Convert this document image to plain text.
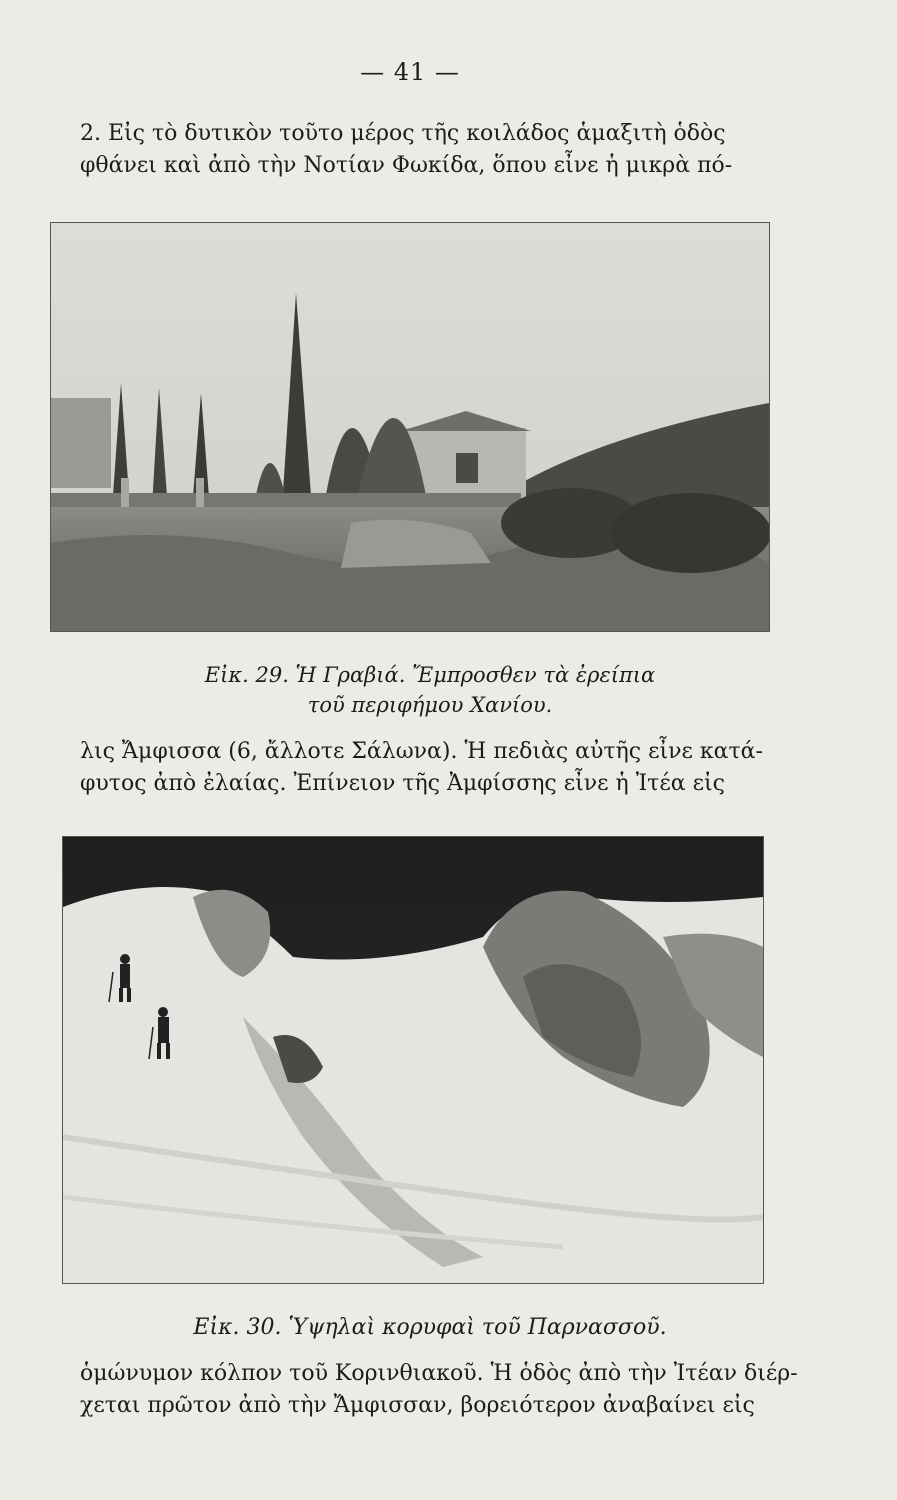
— 41 —
2. Εἰς τὸ δυτικὸν τοῦτο μέρος τῆς κοιλάδος ἁμαξιτὴ ὁδὸς
φθάνει καὶ ἀπὸ τὴν Νοτίαν Φωκίδα, ὅπου εἶνε ἡ μικρὰ πό-
Εἰκ. 29. Ἡ Γραβιά. Ἔμπροσθεν τὰ ἐρείπια
τοῦ περιφήμου Χανίου.
λις Ἄμφισσα (6, ἄλλοτε Σάλωνα). Ἡ πεδιὰς αὐτῆς εἶνε κατά-
φυτος ἀπὸ ἐλαίας. Ἐπίνειον τῆς Ἀμφίσσης εἶνε ἡ Ἰτέα εἰς
Εἰκ. 30. Ὑψηλαὶ κορυφαὶ τοῦ Παρνασσοῦ.
ὁμώνυμον κόλπον τοῦ Κορινθιακοῦ. Ἡ ὁδὸς ἀπὸ τὴν Ἰτέαν διέρ-
χεται πρῶτον ἀπὸ τὴν Ἄμφισσαν, βορειότερον ἀναβαίνει εἰς
